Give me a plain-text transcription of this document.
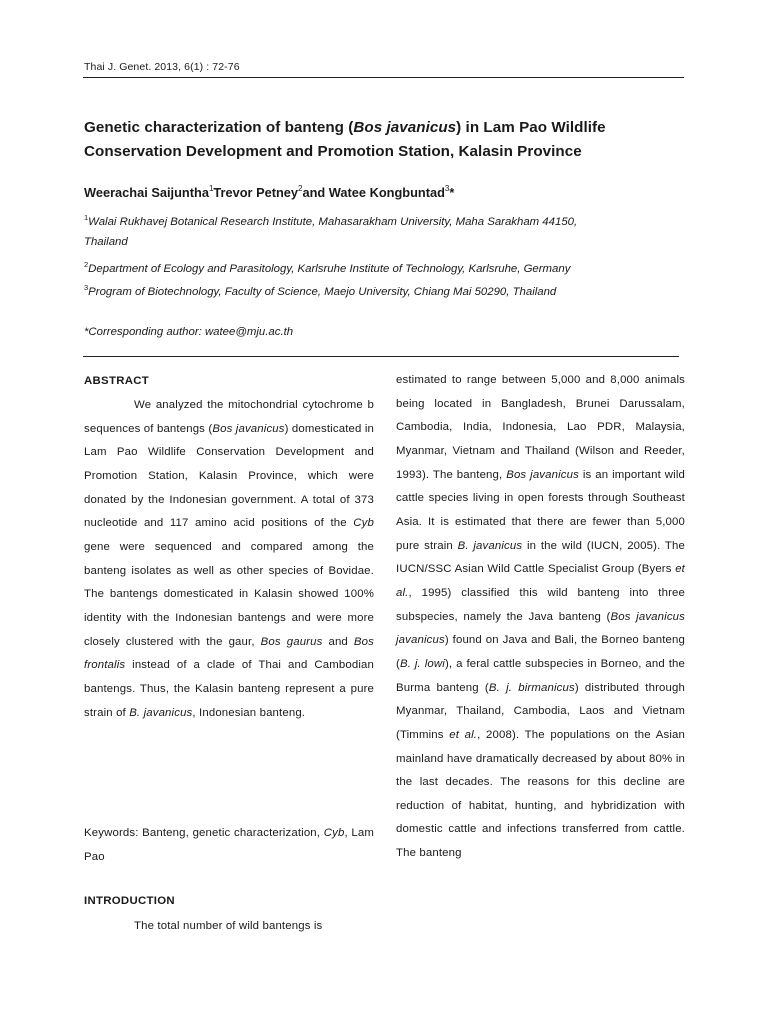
Thai J. Genet. 2013, 6(1) : 72-76
Genetic characterization of banteng (Bos javanicus) in Lam Pao Wildlife Conservation Development and Promotion Station, Kalasin Province
Weerachai Saijuntha$^1$Trevor Petney$^2$and Watee Kongbuntad$^3$*
$^1$Walai Rukhavej Botanical Research Institute, Mahasarakham University, Maha Sarakham 44150,
Thailand
$^2$Department of Ecology and Parasitology, Karlsruhe Institute of Technology, Karlsruhe, Germany
$^3$Program of Biotechnology, Faculty of Science, Maejo University, Chiang Mai 50290, Thailand
*Corresponding author: watee@mju.ac.th
ABSTRACT

We analyzed the mitochondrial cytochrome b sequences of bantengs (Bos javanicus) domesticated in Lam Pao Wildlife Conservation Development and Promotion Station, Kalasin Province, which were donated by the Indonesian government. A total of 373 nucleotide and 117 amino acid positions of the Cyb gene were sequenced and compared among the banteng isolates as well as other species of Bovidae. The bantengs domesticated in Kalasin showed 100% identity with the Indonesian bantengs and were more closely clustered with the gaur, Bos gaurus and Bos frontalis instead of a clade of Thai and Cambodian bantengs. Thus, the Kalasin banteng represent a pure strain of B. javanicus, Indonesian banteng.

Keywords: Banteng, genetic characterization, Cyb, Lam Pao

INTRODUCTION

The total number of wild bantengs is

estimated to range between 5,000 and 8,000 animals being located in Bangladesh, Brunei Darussalam, Cambodia, India, Indonesia, Lao PDR, Malaysia, Myanmar, Vietnam and Thailand (Wilson and Reeder, 1993). The banteng, Bos javanicus is an important wild cattle species living in open forests through Southeast Asia. It is estimated that there are fewer than 5,000 pure strain B. javanicus in the wild (IUCN, 2005). The IUCN/SSC Asian Wild Cattle Specialist Group (Byers et al., 1995) classified this wild banteng into three subspecies, namely the Java banteng (Bos javanicus javanicus) found on Java and Bali, the Borneo banteng (B. j. lowi), a feral cattle subspecies in Borneo, and the Burma banteng (B. j. birmanicus) distributed through Myanmar, Thailand, Cambodia, Laos and Vietnam (Timmins et al., 2008). The populations on the Asian mainland have dramatically decreased by about 80% in the last decades. The reasons for this decline are reduction of habitat, hunting, and hybridization with domestic cattle and infections transferred from cattle. The banteng
